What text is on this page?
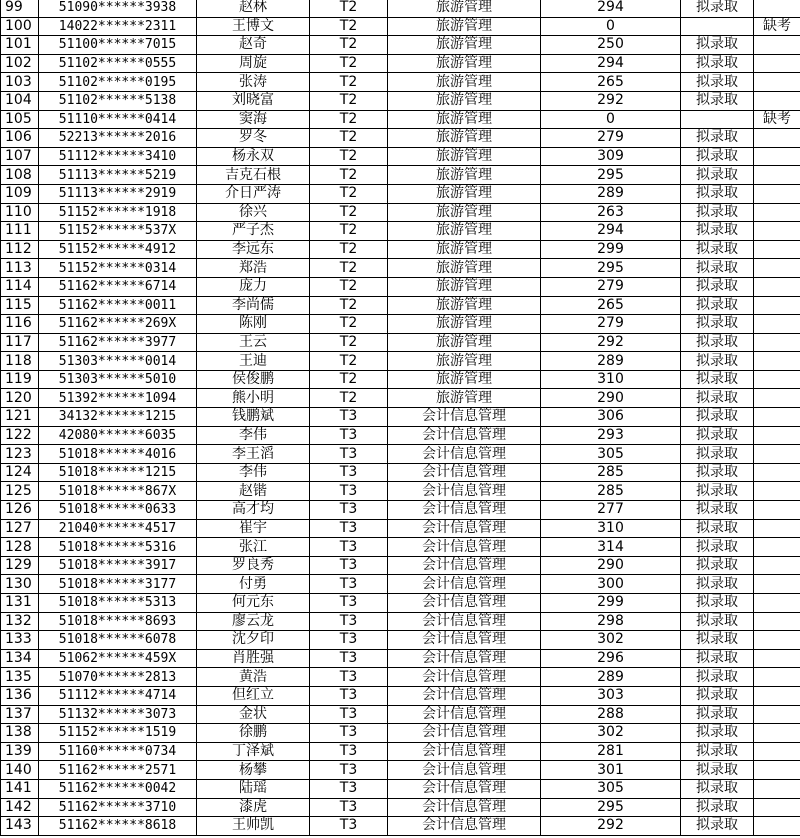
99	51090******3938	赵林	T2	旅游管理	294	拟录取	
100	14022******2311	王博文	T2	旅游管理	0		缺考
101	51100******7015	赵奇	T2	旅游管理	250	拟录取	
102	51102******0555	周旋	T2	旅游管理	294	拟录取	
103	51102******0195	张涛	T2	旅游管理	265	拟录取	
104	51102******5138	刘晓富	T2	旅游管理	292	拟录取	
105	51110******0414	窦海	T2	旅游管理	0		缺考
106	52213******2016	罗冬	T2	旅游管理	279	拟录取	
107	51112******3410	杨永双	T2	旅游管理	309	拟录取	
108	51113******5219	吉克石根	T2	旅游管理	295	拟录取	
109	51113******2919	介日严涛	T2	旅游管理	289	拟录取	
110	51152******1918	徐兴	T2	旅游管理	263	拟录取	
111	51152******537X	严子杰	T2	旅游管理	294	拟录取	
112	51152******4912	李远东	T2	旅游管理	299	拟录取	
113	51152******0314	郑浩	T2	旅游管理	295	拟录取	
114	51162******6714	庞力	T2	旅游管理	279	拟录取	
115	51162******0011	李尚儒	T2	旅游管理	265	拟录取	
116	51162******269X	陈刚	T2	旅游管理	279	拟录取	
117	51162******3977	王云	T2	旅游管理	292	拟录取	
118	51303******0014	王迪	T2	旅游管理	289	拟录取	
119	51303******5010	侯俊鹏	T2	旅游管理	310	拟录取	
120	51392******1094	熊小明	T2	旅游管理	290	拟录取	
121	34132******1215	钱鹏斌	T3	会计信息管理	306	拟录取	
122	42080******6035	李伟	T3	会计信息管理	293	拟录取	
123	51018******4016	李王滔	T3	会计信息管理	305	拟录取	
124	51018******1215	李伟	T3	会计信息管理	285	拟录取	
125	51018******867X	赵锴	T3	会计信息管理	285	拟录取	
126	51018******0633	高才均	T3	会计信息管理	277	拟录取	
127	21040******4517	崔宇	T3	会计信息管理	310	拟录取	
128	51018******5316	张江	T3	会计信息管理	314	拟录取	
129	51018******3917	罗良秀	T3	会计信息管理	290	拟录取	
130	51018******3177	付勇	T3	会计信息管理	300	拟录取	
131	51018******5313	何元东	T3	会计信息管理	299	拟录取	
132	51018******8693	廖云龙	T3	会计信息管理	298	拟录取	
133	51018******6078	沈夕印	T3	会计信息管理	302	拟录取	
134	51062******459X	肖胜强	T3	会计信息管理	296	拟录取	
135	51070******2813	黄浩	T3	会计信息管理	289	拟录取	
136	51112******4714	但红立	T3	会计信息管理	303	拟录取	
137	51132******3073	金状	T3	会计信息管理	288	拟录取	
138	51152******1519	徐鹏	T3	会计信息管理	302	拟录取	
139	51160******0734	丁泽斌	T3	会计信息管理	281	拟录取	
140	51162******2571	杨攀	T3	会计信息管理	301	拟录取	
141	51162******0042	陆瑶	T3	会计信息管理	305	拟录取	
142	51162******3710	漆虎	T3	会计信息管理	295	拟录取	
143	51162******8618	王帅凯	T3	会计信息管理	292	拟录取	
